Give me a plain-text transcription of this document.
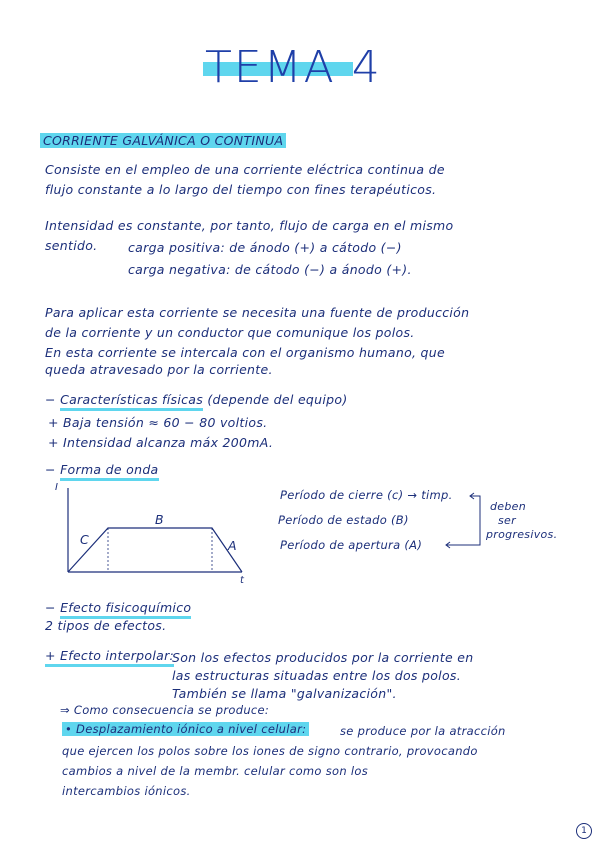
TEMA 4
CORRIENTE GALVÁNICA O CONTINUA
Consiste en el empleo de una corriente eléctrica continua de
flujo constante a lo largo del tiempo con fines terapéuticos.
Intensidad es constante, por tanto, flujo de carga en el mismo
sentido. carga positiva: de ánodo (+) a cátodo (−)
carga negativa: de cátodo (−) a ánodo (+).
Para aplicar esta corriente se necesita una fuente de producción
de la corriente y un conductor que comunique los polos.
En esta corriente se intercala con el organismo humano, que
queda atravesado por la corriente.
− Características físicas (depende del equipo)
+ Baja tensión ≈ 60 − 80 voltios.
+ Intensidad alcanza máx 200mA.
− Forma de onda
I
t
C
B
A
Período de cierre (c) → timp.
Período de estado (B)
Período de apertura (A)
deben
ser
progresivos.
− Efecto fisicoquímico
2 tipos de efectos.
+ Efecto interpolar:
Son los efectos producidos por la corriente en
las estructuras situadas entre los dos polos.
También se llama "galvanización".
⇒ Como consecuencia se produce:
• Desplazamiento iónico a nivel celular:	se produce por la atracción
que ejercen los polos sobre los iones de signo contrario, provocando
cambios a nivel de la membr. celular como son los
intercambios iónicos.
1
